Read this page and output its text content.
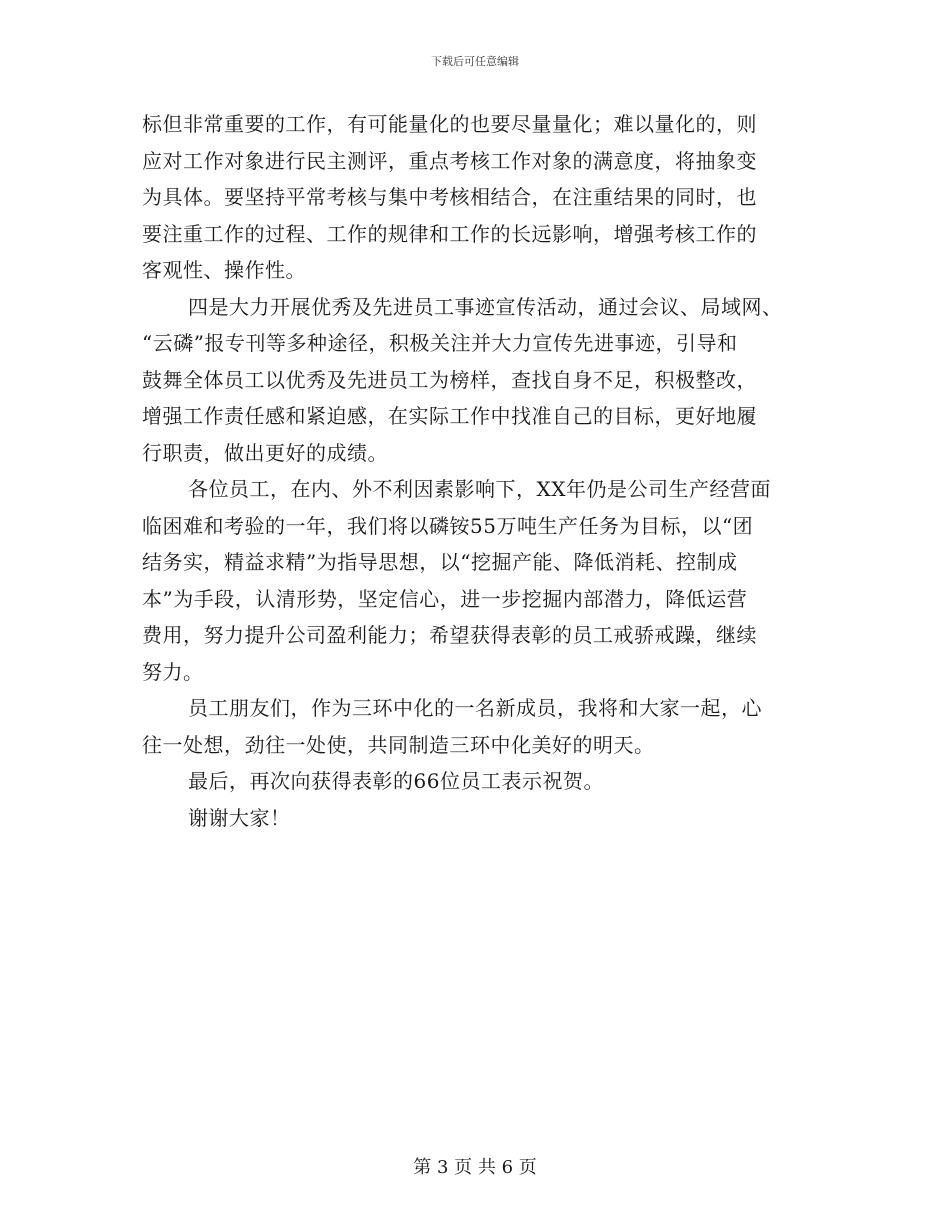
下载后可任意编辑
标但非常重要的工作，有可能量化的也要尽量量化；难以量化的，则
应对工作对象进行民主测评，重点考核工作对象的满意度，将抽象变
为具体。要坚持平常考核与集中考核相结合，在注重结果的同时，也
要注重工作的过程、工作的规律和工作的长远影响，增强考核工作的
客观性、操作性。
四是大力开展优秀及先进员工事迹宣传活动，通过会议、局域网、
“云磷”报专刊等多种途径，积极关注并大力宣传先进事迹，引导和
鼓舞全体员工以优秀及先进员工为榜样，查找自身不足，积极整改，
增强工作责任感和紧迫感，在实际工作中找准自己的目标，更好地履
行职责，做出更好的成绩。
各位员工，在内、外不利因素影响下，XX年仍是公司生产经营面
临困难和考验的一年，我们将以磷铵55万吨生产任务为目标，以“团
结务实，精益求精”为指导思想，以“挖掘产能、降低消耗、控制成
本”为手段，认清形势，坚定信心，进一步挖掘内部潜力，降低运营
费用，努力提升公司盈利能力；希望获得表彰的员工戒骄戒躁，继续
努力。
员工朋友们，作为三环中化的一名新成员，我将和大家一起，心
往一处想，劲往一处使，共同制造三环中化美好的明天。
最后，再次向获得表彰的66位员工表示祝贺。
谢谢大家！
第 3 页 共 6 页
